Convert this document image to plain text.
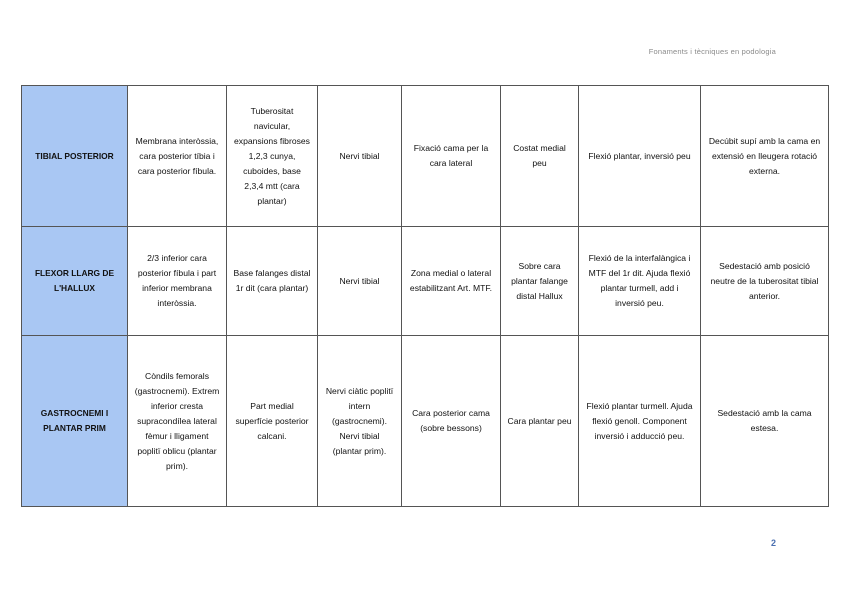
Fonaments i tècniques en podologia
TIBIAL POSTERIOR	Membrana interòssia, cara posterior tíbia i cara posterior fíbula.	Tuberositat navicular, expansions fibroses 1,2,3 cunya, cuboides, base 2,3,4 mtt (cara plantar)	Nervi tibial	Fixació cama per la cara lateral	Costat medial peu	Flexió plantar, inversió peu	Decúbit supí amb la cama en extensió en lleugera rotació externa.
FLEXOR LLARG DE L'HALLUX	2/3 inferior cara posterior fíbula i part inferior membrana interòssia.	Base falanges distal 1r dit (cara plantar)	Nervi tibial	Zona medial o lateral estabilitzant Art. MTF.	Sobre cara plantar falange distal Hallux	Flexió de la interfalàngica i MTF del 1r dit. Ajuda flexió plantar turmell, add i inversió peu.	Sedestació amb posició neutre de la tuberositat tibial anterior.
GASTROCNEMI I PLANTAR PRIM	Còndils femorals (gastrocnemi). Extrem inferior cresta supracondílea lateral fèmur i lligament poplitï oblicu (plantar prim).	Part medial superfície posterior calcani.	Nervi ciàtic poplitï intern (gastrocnemi). Nervi tibial (plantar prim).	Cara posterior cama (sobre bessons)	Cara plantar peu	Flexió plantar turmell. Ajuda flexió genoll. Component inversió i adducció peu.	Sedestació amb la cama estesa.
2
